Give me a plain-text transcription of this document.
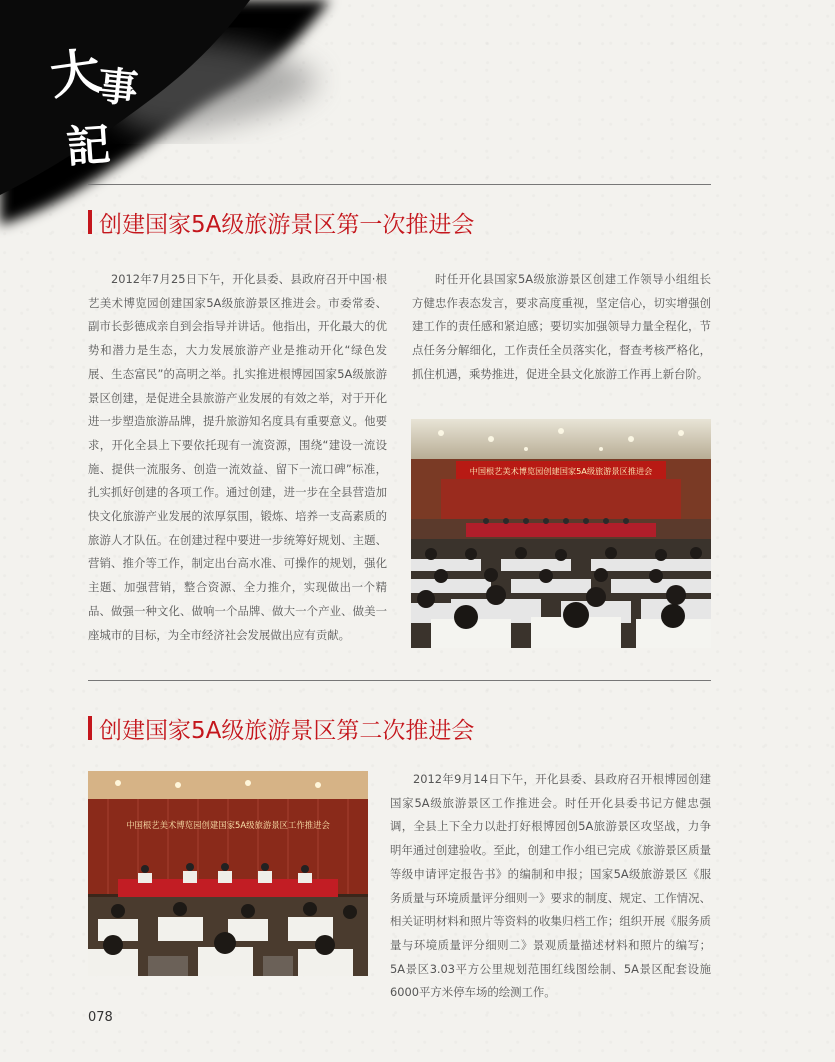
大
事
記
创建国家5A级旅游景区第一次推进会

2012年7月25日下午，开化县委、县政府召开中国·根艺美术博览园创建国家5A级旅游景区推进会。市委常委、副市长彭德成亲自到会指导并讲话。他指出，开化最大的优势和潜力是生态，大力发展旅游产业是推动开化“绿色发展、生态富民”的高明之举。扎实推进根博园国家5A级旅游景区创建，是促进全县旅游产业发展的有效之举，对于开化进一步塑造旅游品牌，提升旅游知名度具有重要意义。他要求，开化全县上下要依托现有一流资源，围绕“建设一流设施、提供一流服务、创造一流效益、留下一流口碑”标准，扎实抓好创建的各项工作。通过创建，进一步在全县营造加快文化旅游产业发展的浓厚氛围，锻炼、培养一支高素质的旅游人才队伍。在创建过程中要进一步统筹好规划、主题、营销、推介等工作，制定出台高水准、可操作的规划，强化主题、加强营销，整合资源、全力推介，实现做出一个精品、做强一种文化、做响一个品牌、做大一个产业、做美一座城市的目标，为全市经济社会发展做出应有贡献。

时任开化县国家5A级旅游景区创建工作领导小组组长方健忠作表态发言，要求高度重视，坚定信心，切实增强创建工作的责任感和紧迫感；要切实加强领导力量全程化，节点任务分解细化，工作责任全员落实化，督查考核严格化，抓住机遇，乘势推进，促进全县文化旅游工作再上新台阶。

中国根艺美术博览园创建国家5A级旅游景区推进会
创建国家5A级旅游景区第二次推进会
中国根艺美术博览园创建国家5A级旅游景区工作推进会

2012年9月14日下午，开化县委、县政府召开根博园创建国家5A级旅游景区工作推进会。时任开化县委书记方健忠强调，全县上下全力以赴打好根博园创5A旅游景区攻坚战，力争明年通过创建验收。至此，创建工作小组已完成《旅游景区质量等级申请评定报告书》的编制和申报；国家5A级旅游景区《服务质量与环境质量评分细则一》要求的制度、规定、工作情况、相关证明材料和照片等资料的收集归档工作；组织开展《服务质量与环境质量评分细则二》景观质量描述材料和照片的编写；5A景区3.03平方公里规划范围红线图绘制、5A景区配套设施6000平方米停车场的绘测工作。

078
